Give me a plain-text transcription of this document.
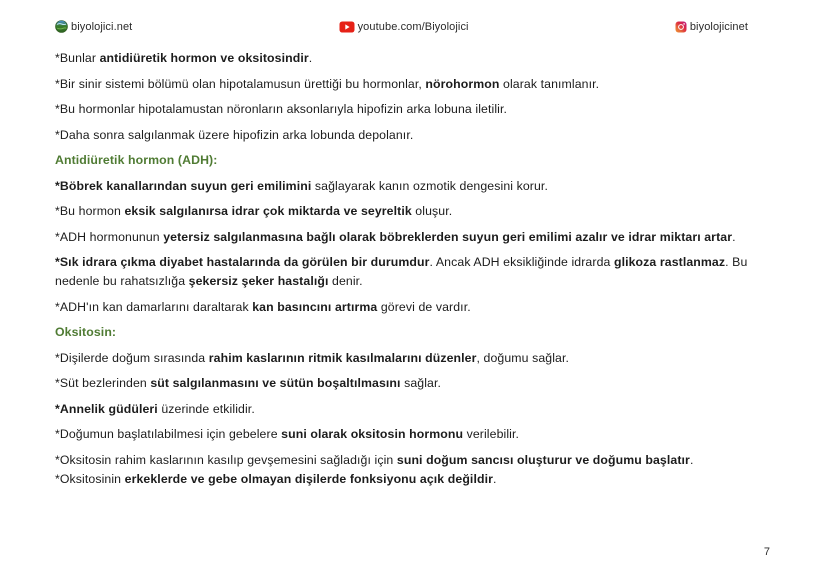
biyolojici.net	youtube.com/Biyolojici	biyolojicinet

*Bunlar antidiüretik hormon ve oksitosindir.

*Bir sinir sistemi bölümü olan hipotalamusun ürettiği bu hormonlar, nörohormon olarak tanımlanır.

*Bu hormonlar hipotalamustan nöronların aksonlarıyla hipofizin arka lobuna iletilir.

*Daha sonra salgılanmak üzere hipofizin arka lobunda depolanır.

Antidiüretik hormon (ADH):

*Böbrek kanallarından suyun geri emilimini sağlayarak kanın ozmotik dengesini korur.

*Bu hormon eksik salgılanırsa idrar çok miktarda ve seyreltik oluşur.

*ADH hormonunun yetersiz salgılanmasına bağlı olarak böbreklerden suyun geri emilimi azalır ve idrar miktarı artar.

*Sık idrara çıkma diyabet hastalarında da görülen bir durumdur. Ancak ADH eksikliğinde idrarda glikoza rastlanmaz. Bu nedenle bu rahatsızlığa şekersiz şeker hastalığı denir.

*ADH'ın kan damarlarını daraltarak kan basıncını artırma görevi de vardır.

Oksitosin:

*Dişilerde doğum sırasında rahim kaslarının ritmik kasılmalarını düzenler, doğumu sağlar.

*Süt bezlerinden süt salgılanmasını ve sütün boşaltılmasını sağlar.

*Annelik güdüleri üzerinde etkilidir.

*Doğumun başlatılabilmesi için gebelere suni olarak oksitosin hormonu verilebilir.

*Oksitosin rahim kaslarının kasılıp gevşemesini sağladığı için suni doğum sancısı oluşturur ve doğumu başlatır.

*Oksitosinin erkeklerde ve gebe olmayan dişilerde fonksiyonu açık değildir.

7
